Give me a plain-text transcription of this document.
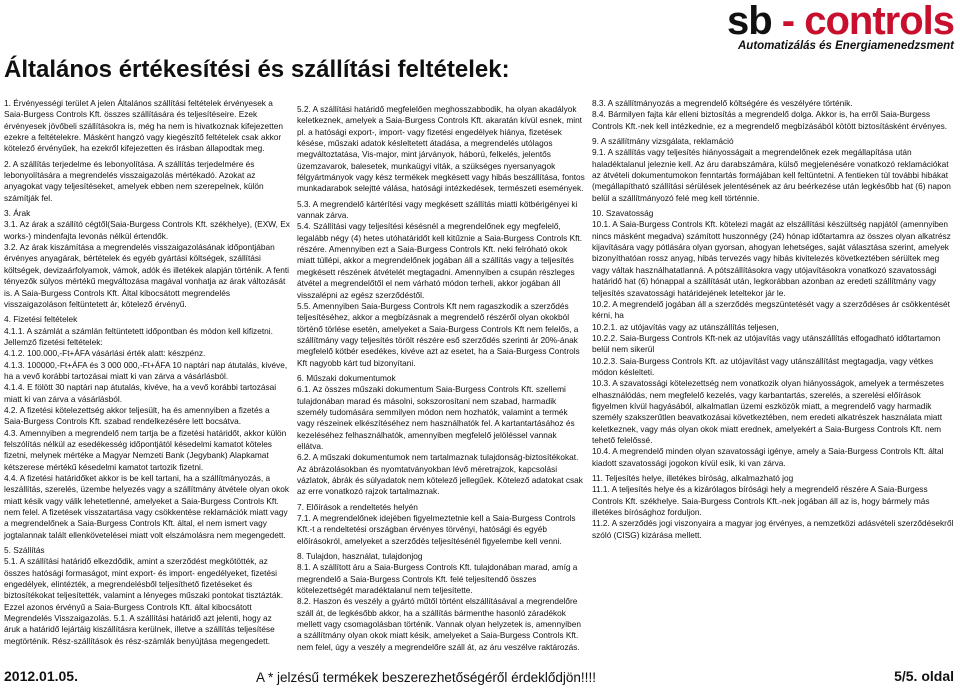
sb - controls
Automatizálás és Energiamenedzsment
Általános értékesítési és szállítási feltételek:

1. Érvényességi terület A jelen Általános szállítási feltételek érvényesek a Saia-Burgess Controls Kft. összes szállítására és teljesítéseire. Ezek érvényesek jövőbeli szállításokra is, még ha nem is hivatkoznak kifejezetten ezekre a feltételekre. Másként hangzó vagy kiegészítő feltételek csak akkor kötelező érvényűek, ha ezekről kifejezetten és írásban állapodtak meg.

2. A szállítás terjedelme és lebonyolítása. A szállítás terjedelmére és lebonyolítására a megrendelés visszaigazolás mértékadó. Azokat az anyagokat vagy teljesítéseket, amelyek ebben nem szerepelnek, külön számítják fel.

3. Árak
3.1. Az árak a szállító cégtől(Saia-Burgess Controls Kft. székhelye), (EXW, Ex works-) mindenfajta levonás nélkül értendők.
3.2. Az árak kiszámítása a megrendelés visszaigazolásának időpontjában érvényes anyagárak, bértételek és egyéb gyártási költségek, szállítási költségek, devizaárfolyamok, vámok, adók és illetékek alapján történik. A fenti tényezők súlyos mértékű megváltozása magával vonhatja az árak változását is. A Saia-Burgess Controls Kft. Által kibocsátott megrendelés visszaigazoláson feltüntetett ár, kötelező érvényű.

4. Fizetési feltételek
4.1.1. A számlát a számlán feltüntetett időpontban és módon kell kifizetni. Jellemző fizetési feltételek:
4.1.2. 100.000,-Ft+ÁFA vásárlási érték alatt: készpénz.
4.1.3. 100000,-Ft+ÁFA és 3 000 000,-Ft+ÁFA 10 naptári nap átutalás, kivéve, ha a vevő korábbi tartozásai miatt ki van zárva a vásárlásból.
4.1.4. E fölött 30 naptári nap átutalás, kivéve, ha a vevő korábbi tartozásai miatt ki van zárva a vásárlásból.
4.2. A fizetési kötelezettség akkor teljesült, ha és amennyiben a fizetés a Saia-Burgess Controls Kft. szabad rendelkezésére lett bocsátva.
4.3. Amennyiben a megrendelő nem tartja be a fizetési határidőt, akkor külön felszólítás nélkül az esedékesség időpontjától késedelmi kamatot köteles fizetni, melynek mértéke a Magyar Nemzeti Bank (Jegybank) Alapkamat kétszerese mértékű késedelmi kamatot tartozik fizetni.
4.4. A fizetési határidőket akkor is be kell tartani, ha a szállítmányozás, a leszállítás, szerelés, üzembe helyezés vagy a szállítmány átvétele olyan okok miatt késik vagy válik lehetetlenné, amelyeket a Saia-Burgess Controls Kft. nem felel. A fizetések visszatartása vagy csökkentése reklamációk miatt vagy a megrendelőnek a Saia-Burgess Controls Kft. által, el nem ismert vagy jogtalannak talált ellenkövetelései miatt volt elszámolásra nem megengedett.

5. Szállítás
5.1. A szállítási határidő elkezdődik, amint a szerződést megkötötték, az összes hatósági formaságot, mint export- és import- engedélyeket, fizetési engedélyek, elintézték, a megrendelésből teljesíthető fizetéseket és biztosítékokat teljesítették, valamint a lényeges műszaki pontokat tisztázták. Ezzel azonos érvényű a Saia-Burgess Controls Kft. által kibocsátott Megrendelés Visszaigazolás. 5.1. A szállítási határidő azt jelenti, hogy az áruk a határidő lejártáig kiszállításra kerülnek, illetve a szállítás teljesítése megtörténik. Rész-szállítások és rész-számlák benyújtása megengedett.

5.2. A szállítási határidő megfelelően meghosszabbodik, ha olyan akadályok keletkeznek, amelyek a Saia-Burgess Controls Kft. akaratán kívül esnek, mint pl. a hatósági export-, import- vagy fizetési engedélyek hiánya, fizetések késése, műszaki adatok késleltetett átadása, a megrendelés utólagos megváltoztatása, Vis-major, mint járványok, háború, felkelés, jelentős üzemzavarok, balesetek, munkaügyi viták, a szükséges nyersanyagok félgyártmányok vagy kész termékek megkésett vagy hibás beszállítása, fontos munkadarabok selejtté válása, hatósági intézkedések, természeti események.

5.3. A megrendelő kártérítési vagy megkésett szállítás miatti kötbérigényei ki vannak zárva.
5.4. Szállítási vagy teljesítési késésnél a megrendelőnek egy megfelelő, legalább négy (4) hetes utóhatáridőt kell kitűznie a Saia-Burgess Controls Kft. részére. Amennyiben ezt a Saia-Burgess Controls Kft. neki felróható okok miatt túllépi, akkor a megrendelőnek jogában áll a szállítás vagy a teljesítés megkésett részének átvételét megtagadni. Amennyiben a csupán részleges átvétel a megrendelőtől el nem várható módon terheli, akkor jogában áll visszalépni az egész szerződéstől.
5.5. Amennyiben Saia-Burgess Controls Kft nem ragaszkodik a szerződés teljesítéséhez, akkor a megbízásnak a megrendelő részéről olyan okokból történő törlése esetén, amelyeket a Saia-Burgess Controls Kft nem felelős, a szállítmány vagy teljesítés törölt részére eső szerződés szerinti ár 20%-ának megfelelő kötbér esedékes, kivéve azt az esetet, ha a Saia-Burgess Controls Kft nagyobb kárt tud bizonyítani.

6. Műszaki dokumentumok
6.1. Az összes műszaki dokumentum Saia-Burgess Controls Kft. szellemi tulajdonában marad és másolni, sokszorosítani nem szabad, harmadik személy tudomására semmilyen módon nem hozhatók, valamint a termék vagy részeinek elkészítéséhez nem használhatók fel. A kartantartásához és kezeléséhez felhasználhatók, amennyiben megfelelő jelöléssel vannak ellátva.
6.2. A műszaki dokumentumok nem tartalmaznak tulajdonság-biztosítékokat. Az ábrázolásokban és nyomtatványokban lévő méretrajzok, kapcsolási vázlatok, ábrák és súlyadatok nem kötelező jellegűek. Kötelező adatokat csak az erre vonatkozó rajzok tartalmaznak.

7. Előírások a rendeltetés helyén
7.1. A megrendelőnek idejében figyelmeztetnie kell a Saia-Burgess Controls Kft.-t a rendeltetési országban érvényes törvényi, hatósági és egyéb előírásokról, amelyeket a szerződés teljesítésénél figyelembe kell venni.

8. Tulajdon, használat, tulajdonjog
8.1. A szállított áru a Saia-Burgess Controls Kft. tulajdonában marad, amíg a megrendelő a Saia-Burgess Controls Kft. felé teljesítendő összes kötelezettségét maradéktalanul nem teljesítette.
8.2. Haszon és veszély a gyártó műtől történt elszállításával a megrendelőre száll át, de legkésőbb akkor, ha a szállítás bármenthe hasonló záradékok mellett vagy csomagolásban történik. Vannak olyan helyzetek is, amennyiben a szállítmány olyan okok miatt késik, amelyeket a Saia-Burgess Controls Kft. nem felel, úgy a veszély a megrendelőre száll át, az áru veszélve raktározás.

8.3. A szállítmányozás a megrendelő költségére és veszélyére történik.
8.4. Bármilyen fajta kár elleni biztosítás a megrendelő dolga. Akkor is, ha erről Saia-Burgess Controls Kft.-nek kell intézkednie, ez a megrendelő megbízásából kötött biztosításként érvényes.

9. A szállítmány vizsgálata, reklamáció
9.1. A szállítás vagy teljesítés hiányosságait a megrendelőnek ezek megállapítása után haladéktalanul jeleznie kell. Az áru darabszámára, külső megjelenésére vonatkozó reklamációkat az átvételi dokumentumokon fenntartás formájában kell feltüntetni. A fentieken túl további hibákat (megállapítható szállítási sérülések jelentésének az áru beérkezése után legkésőbb hat (6) napon belül a szállítmányozó felé meg kell történnie.

10. Szavatosság
10.1. A Saia-Burgess Controls Kft. kötelezi magát az elszállítási készültség napjától (amennyiben nincs másként megadva) számított huszonnégy (24) hónap időtartamra az összes olyan alkatrész kijavítására vagy pótlására olyan gyorsan, ahogyan lehetséges, saját választása szerint, amelyek bizonyíthatóan rossz anyag, hibás tervezés vagy hibás kivitelezés következtében sérültek meg vagy váltak használhatatlanná. A pótszállításokra vagy utójavításokra vonatkozó szavatossági határidő hat (6) hónappal a szállítását után, legkorábban azonban az eredeti szállítmány vagy teljesítés szavatossági határidejének leteltekor jár le.
10.2. A megrendelő jogában áll a szerződés megszüntetését vagy a szerződéses ár csökkentését kérni, ha
10.2.1. az utójavítás vagy az utánszállítás teljesen,
10.2.2. Saia-Burgess Controls Kft-nek az utójavítás vagy utánszállítás elfogadható időtartamon belül nem sikerül
10.2.3. Saia-Burgess Controls Kft. az utójavítást vagy utánszállítást megtagadja, vagy vétkes módon késlelteti.
10.3. A szavatossági kötelezettség nem vonatkozik olyan hiányosságok, amelyek a természetes elhasználódás, nem megfelelő kezelés, vagy karbantartás, szerelés, a szerelési előírások figyelmen kívül hagyásából, alkalmatlan üzemi eszközök miatt, a megrendelő vagy harmadik személy szakszerűtlen beavatkozásai következtében, nem eredeti alkatrészek használata miatt keletkeznek, vagy más olyan okok miatt erednek, amelyekért a Saia-Burgess Controls Kft. nem tehető felelőssé.
10.4. A megrendelő minden olyan szavatossági igénye, amely a Saia-Burgess Controls Kft. által kiadott szavatossági jogokon kívül esik, ki van zárva.

11. Teljesítés helye, illetékes bíróság, alkalmazható jog
11.1. A teljesítés helye és a kizárólagos bírósági hely a megrendelő részére A Saia-Burgess Controls Kft. székhelye. Saia-Burgess Controls Kft.-nek jogában áll az is, hogy bármely más illetékes bírósághoz forduljon.
11.2. A szerződés jogi viszonyaira a magyar jog érvényes, a nemzetközi adásvételi szerződésekről szóló (CISG) kizárása mellett.

2012.01.05.	A * jelzésű termékek beszerezhetőségéről érdeklődjön!!!!	5/5. oldal
